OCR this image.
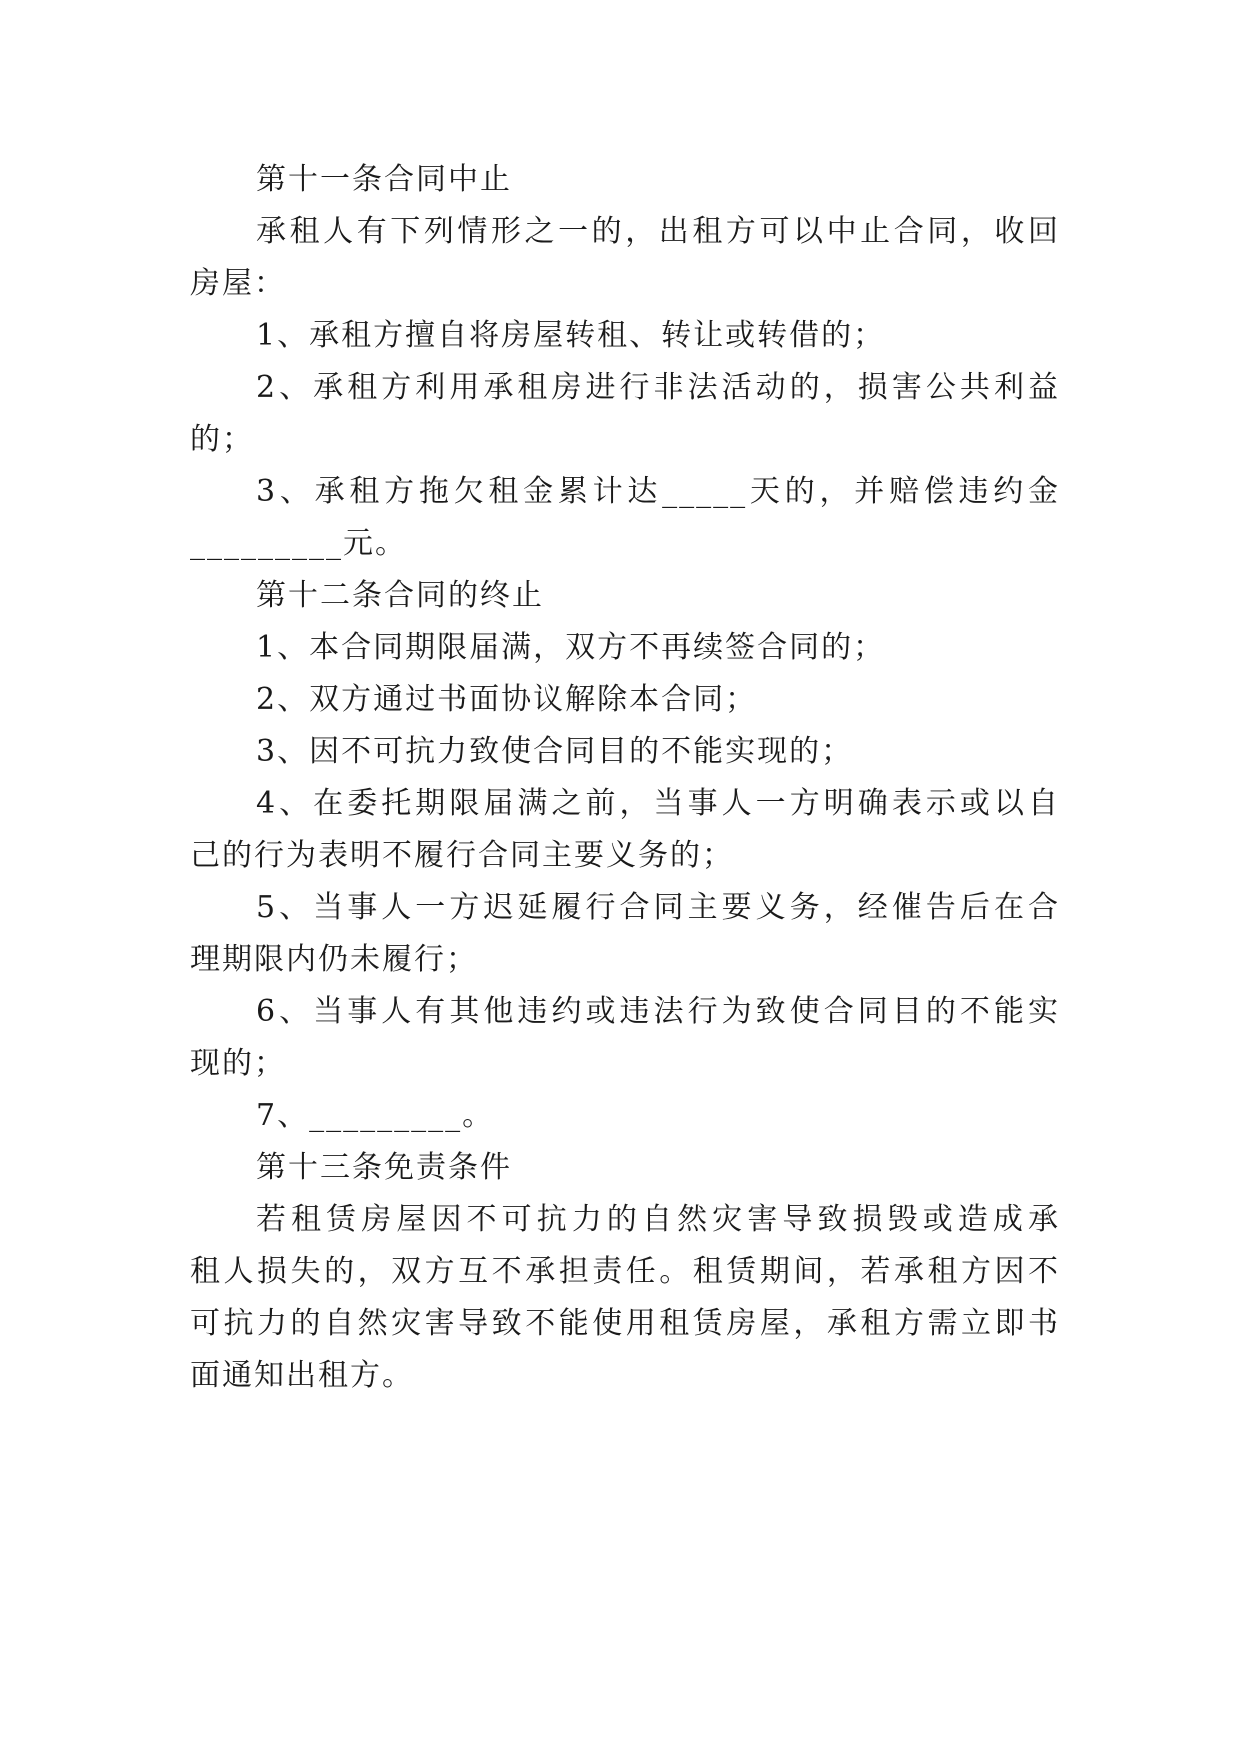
第十一条合同中止
承租人有下列情形之一的，出租方可以中止合同，收回
房屋：
1、承租方擅自将房屋转租、转让或转借的；
2、承租方利用承租房进行非法活动的，损害公共利益
的；
3、承租方拖欠租金累计达_____天的，并赔偿违约金
_________元。
第十二条合同的终止
1、本合同期限届满，双方不再续签合同的；
2、双方通过书面协议解除本合同；
3、因不可抗力致使合同目的不能实现的；
4、在委托期限届满之前，当事人一方明确表示或以自
己的行为表明不履行合同主要义务的；
5、当事人一方迟延履行合同主要义务，经催告后在合
理期限内仍未履行；
6、当事人有其他违约或违法行为致使合同目的不能实
现的；
7、_________。
第十三条免责条件
若租赁房屋因不可抗力的自然灾害导致损毁或造成承
租人损失的，双方互不承担责任。租赁期间，若承租方因不
可抗力的自然灾害导致不能使用租赁房屋，承租方需立即书
面通知出租方。
